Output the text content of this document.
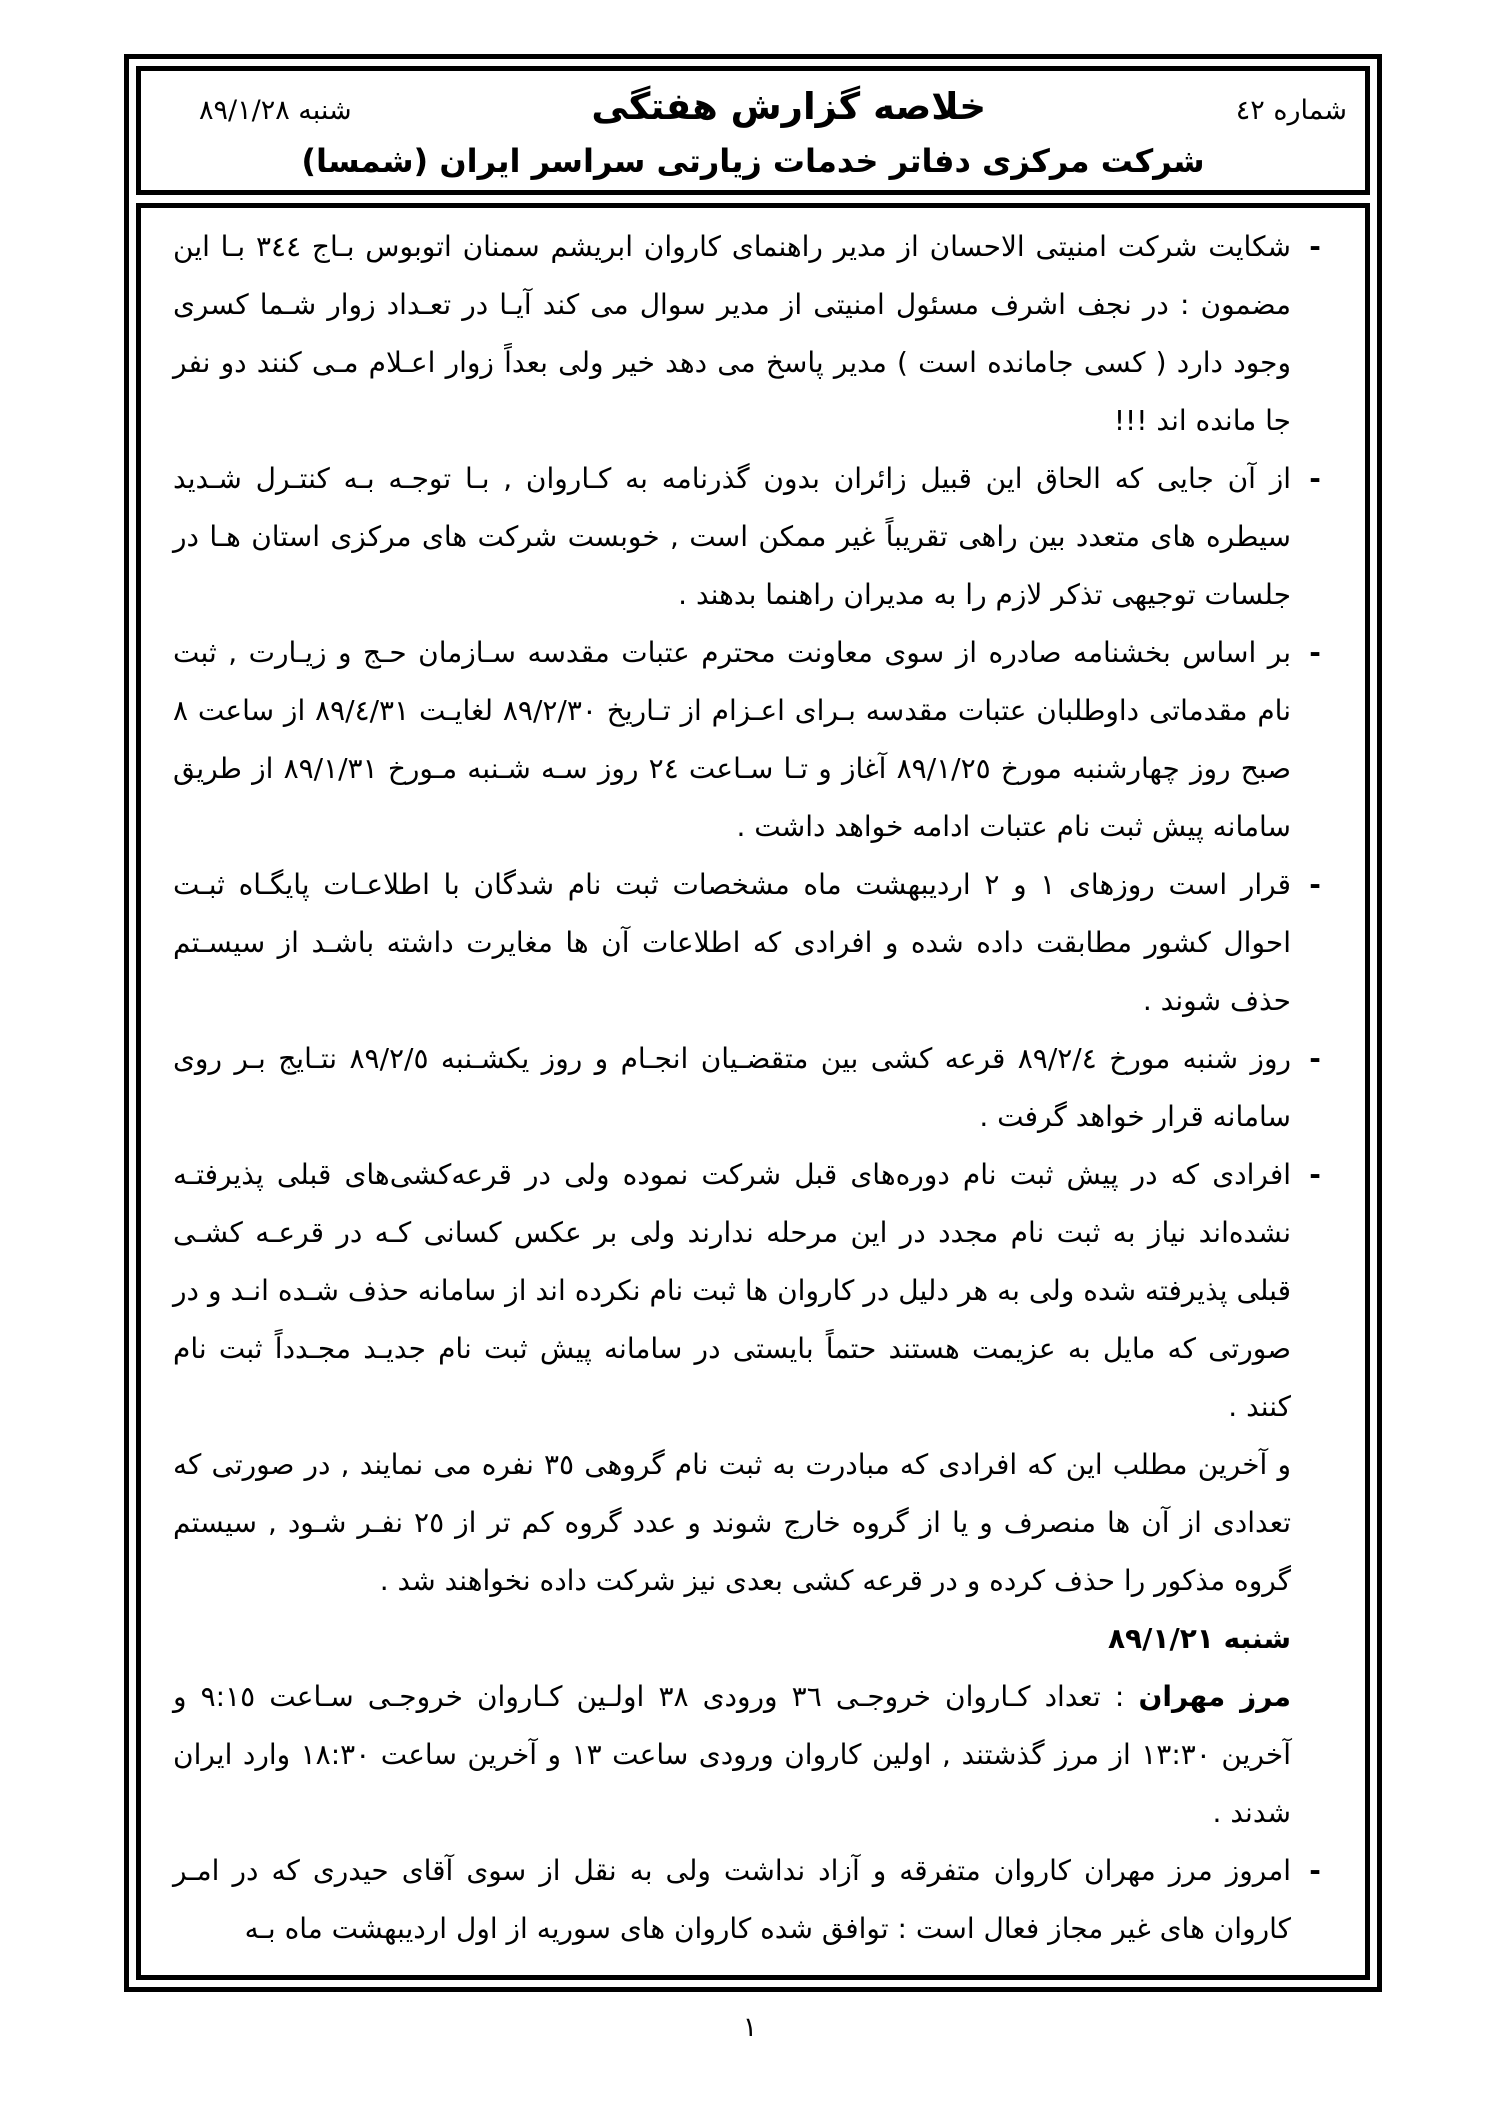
شماره ٤٢
خلاصه گزارش هفتگی
شنبه ٨٩/١/٢٨
شرکت مرکزی دفاتر خدمات زیارتی سراسر ایران (شمسا)

-
شکایت شرکت امنیتی الاحسان از مدیر راهنمای کاروان ابریشم سمنان اتوبوس بـاج ٣٤٤ بـا این مضمون : در نجف اشرف مسئول امنیتی از مدیر سوال می کند آیـا در تعـداد زوار شـما کسری وجود دارد ( کسی جامانده است ) مدیر پاسخ می دهد خیر ولی بعداً زوار اعـلام مـی کنند دو نفر جا مانده اند !!!

-
از آن جایی که الحاق این قبیل زائران بدون گذرنامه به کـاروان , بـا توجـه بـه کنتـرل شـدید سیطره های متعدد بین راهی تقریباً غیر ممکن است , خوبست شرکت های مرکزی استان هـا در جلسات توجیهی تذکر لازم را به مدیران راهنما بدهند .

-
بر اساس بخشنامه صادره از سوی معاونت محترم عتبات مقدسه سـازمان حـج و زیـارت , ثبت نام مقدماتی داوطلبان عتبات مقدسه بـرای اعـزام از تـاریخ ٨٩/٢/٣٠ لغایـت ٨٩/٤/٣١ از ساعت ٨ صبح روز چهارشنبه مورخ ٨٩/١/٢٥ آغاز و تـا سـاعت ٢٤ روز سـه شـنبه مـورخ ٨٩/١/٣١ از طریق سامانه پیش ثبت نام عتبات ادامه خواهد داشت .

-
قرار است روزهای ١ و ٢ اردیبهشت ماه مشخصات ثبت نام شدگان با اطلاعـات پایگـاه ثبـت احوال کشور مطابقت داده شده و افرادی که اطلاعات آن ها مغایرت داشته باشـد از سیسـتم حذف شوند .

-
روز شنبه مورخ ٨٩/٢/٤ قرعه کشی بین متقضـیان انجـام و روز یکشـنبه ٨٩/٢/٥ نتـایج بـر روی سامانه قرار خواهد گرفت .

-
افرادی که در پیش ثبت نام دوره‌های قبل شرکت نموده ولی در قرعه‌کشی‌های قبلی پذیرفتـه نشده‌اند نیاز به ثبت نام مجدد در این مرحله ندارند ولی بر عکس کسانی کـه در قرعـه کشـی قبلی پذیرفته شده ولی به هر دلیل در کاروان ها ثبت نام نکرده اند از سامانه حذف شـده انـد و در صورتی که مایل به عزیمت هستند حتماً بایستی در سامانه پیش ثبت نام جدیـد مجـدداً ثبت نام کنند .

و آخرین مطلب این که افرادی که مبادرت به ثبت نام گروهی ٣٥ نفره می نمایند , در صورتی که تعدادی از آن ها منصرف و یا از گروه خارج شوند و عدد گروه کم تر از ٢٥ نفـر شـود , سیستم گروه مذکور را حذف کرده و در قرعه کشی بعدی نیز شرکت داده نخواهند شد .

شنبه ٨٩/١/٢١

مرز مهران : تعداد کـاروان خروجـی ٣٦ ورودی ٣٨ اولـین کـاروان خروجـی سـاعت ٩:١٥ و آخرین ١٣:٣٠ از مرز گذشتند , اولین کاروان ورودی ساعت ١٣ و آخرین ساعت ١٨:٣٠ وارد ایران شدند .

-
امروز مرز مهران کاروان متفرقه و آزاد نداشت ولی به نقل از سوی آقای حیدری که در امـر کاروان های غیر مجاز فعال است : توافق شده کاروان های سوریه از اول اردیبهشت ماه بـه

١
